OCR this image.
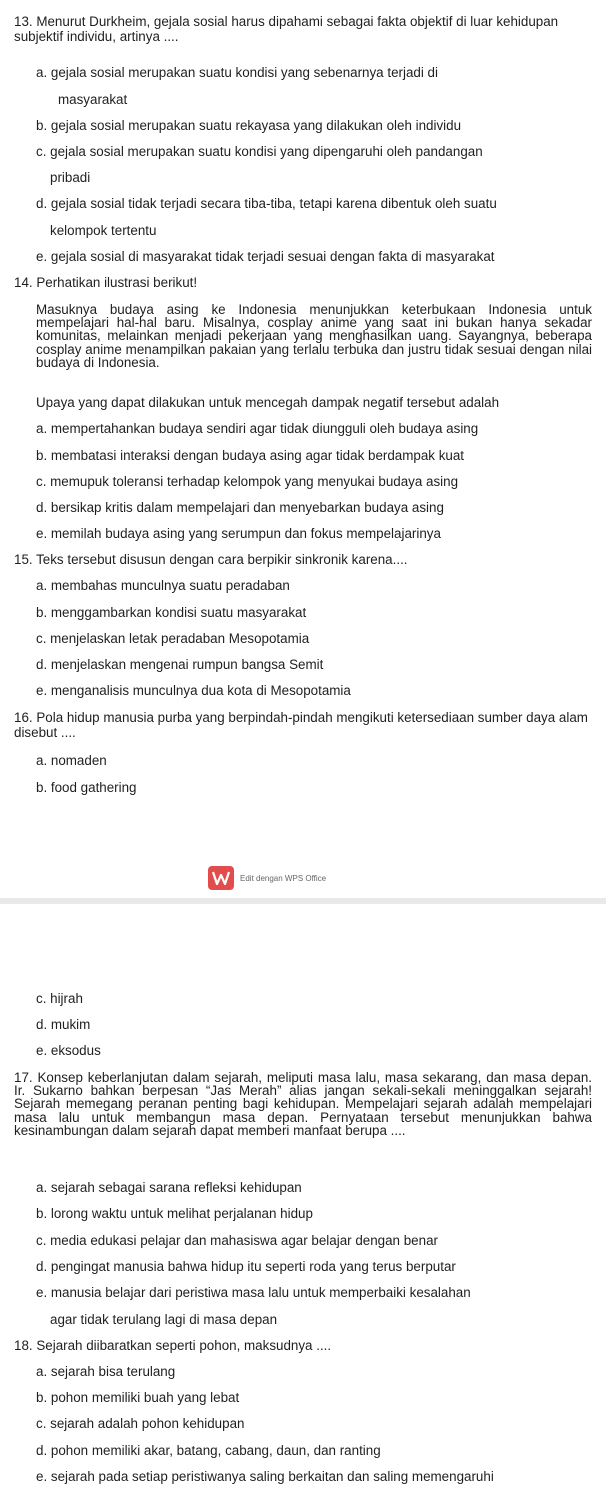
13. Menurut Durkheim, gejala sosial harus dipahami sebagai fakta objektif di luar kehidupan subjektif individu, artinya ....
a. gejala sosial merupakan suatu kondisi yang sebenarnya terjadi di
masyarakat
b. gejala sosial merupakan suatu rekayasa yang dilakukan oleh individu
c. gejala sosial merupakan suatu kondisi yang dipengaruhi oleh pandangan
pribadi
d. gejala sosial tidak terjadi secara tiba-tiba, tetapi karena dibentuk oleh suatu
kelompok tertentu
e. gejala sosial di masyarakat tidak terjadi sesuai dengan fakta di masyarakat
14. Perhatikan ilustrasi berikut!
Masuknya budaya asing ke Indonesia menunjukkan keterbukaan Indonesia untuk mempelajari hal-hal baru. Misalnya, cosplay anime yang saat ini bukan hanya sekadar komunitas, melainkan menjadi pekerjaan yang menghasilkan uang. Sayangnya, beberapa cosplay anime menampilkan pakaian yang terlalu terbuka dan justru tidak sesuai dengan nilai budaya di Indonesia.
Upaya yang dapat dilakukan untuk mencegah dampak negatif tersebut adalah
a. mempertahankan budaya sendiri agar tidak diungguli oleh budaya asing
b. membatasi interaksi dengan budaya asing agar tidak berdampak kuat
c. memupuk toleransi terhadap kelompok yang menyukai budaya asing
d. bersikap kritis dalam mempelajari dan menyebarkan budaya asing
e. memilah budaya asing yang serumpun dan fokus mempelajarinya
15. Teks tersebut disusun dengan cara berpikir sinkronik karena....
a. membahas munculnya suatu peradaban
b. menggambarkan kondisi suatu masyarakat
c. menjelaskan letak peradaban Mesopotamia
d. menjelaskan mengenai rumpun bangsa Semit
e. menganalisis munculnya dua kota di Mesopotamia
16. Pola hidup manusia purba yang berpindah-pindah mengikuti ketersediaan sumber daya alam disebut ....
a. nomaden
b. food gathering
Edit dengan WPS Office
c. hijrah
d. mukim
e. eksodus
17. Konsep keberlanjutan dalam sejarah, meliputi masa lalu, masa sekarang, dan masa depan. Ir. Sukarno bahkan berpesan “Jas Merah” alias jangan sekali-sekali meninggalkan sejarah! Sejarah memegang peranan penting bagi kehidupan. Mempelajari sejarah adalah mempelajari masa lalu untuk membangun masa depan. Pernyataan tersebut menunjukkan bahwa kesinambungan dalam sejarah dapat memberi manfaat berupa ....
a. sejarah sebagai sarana refleksi kehidupan
b. lorong waktu untuk melihat perjalanan hidup
c. media edukasi pelajar dan mahasiswa agar belajar dengan benar
d. pengingat manusia bahwa hidup itu seperti roda yang terus berputar
e. manusia belajar dari peristiwa masa lalu untuk memperbaiki kesalahan
agar tidak terulang lagi di masa depan
18. Sejarah diibaratkan seperti pohon, maksudnya ....
a. sejarah bisa terulang
b. pohon memiliki buah yang lebat
c. sejarah adalah pohon kehidupan
d. pohon memiliki akar, batang, cabang, daun, dan ranting
e. sejarah pada setiap peristiwanya saling berkaitan dan saling memengaruhi
